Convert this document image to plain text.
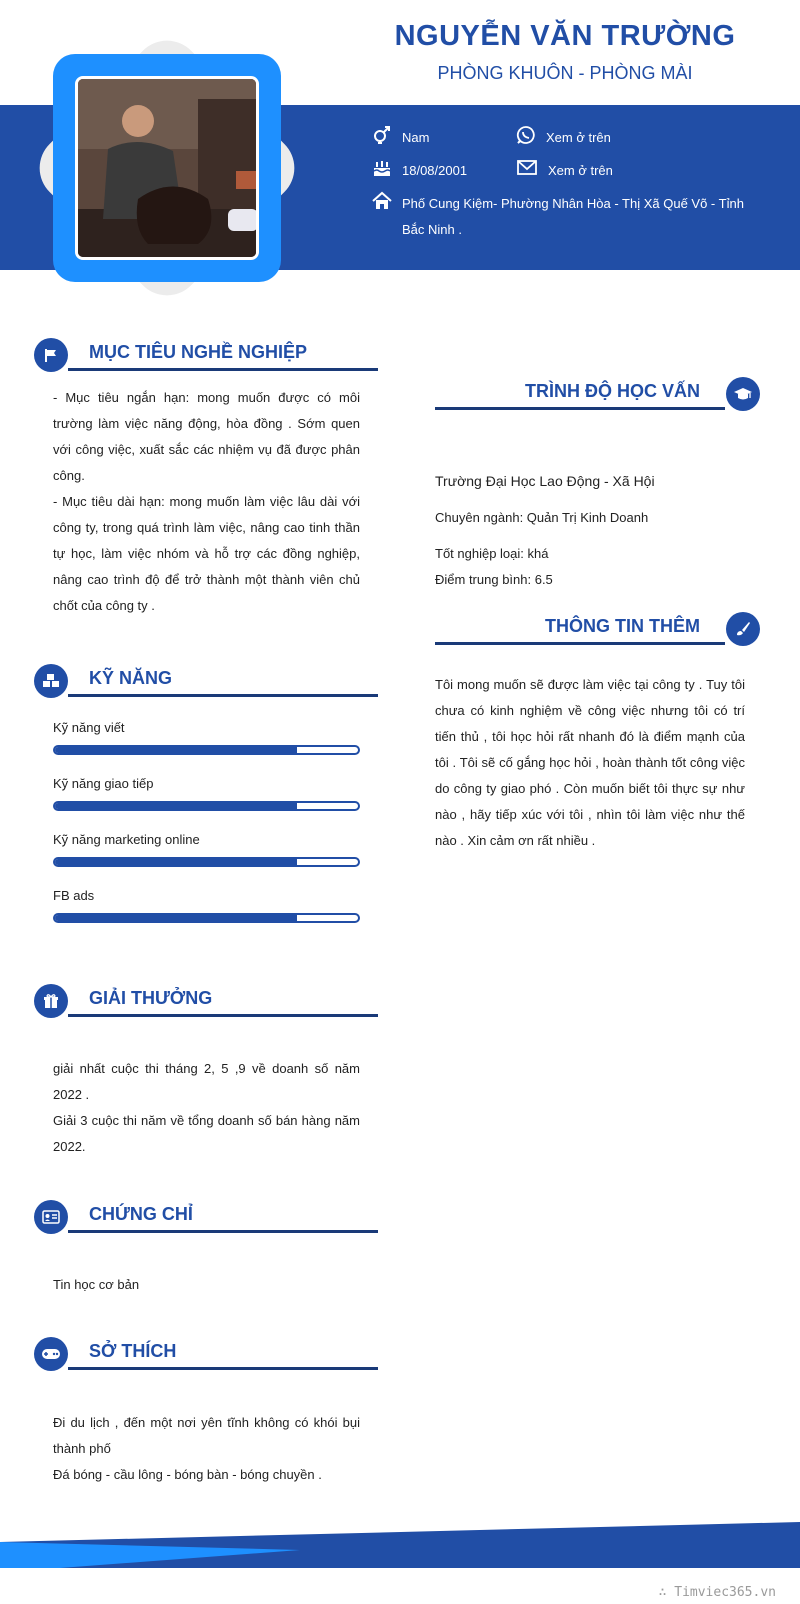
NGUYỄN VĂN TRƯỜNG
PHÒNG KHUÔN - PHÒNG MÀI
Nam	Xem ở trên
18/08/2001	Xem ở trên
Phố Cung Kiệm- Phường Nhân Hòa - Thị Xã Quế Võ - Tỉnh
Bắc Ninh .
MỤC TIÊU NGHỀ NGHIỆP

- Mục tiêu ngắn hạn: mong muốn được có môi trường làm việc năng động, hòa đồng . Sớm quen với công việc, xuất sắc các nhiệm vụ đã được phân công.

- Mục tiêu dài hạn: mong muốn làm việc lâu dài với công ty, trong quá trình làm việc, nâng cao tinh thần tự học, làm việc nhóm và hỗ trợ các đồng nghiệp, nâng cao trình độ để trở thành một thành viên chủ chốt của công ty .

KỸ NĂNG
Kỹ năng viết
Kỹ năng giao tiếp
Kỹ năng marketing online
FB ads
GIẢI THƯỞNG

giải nhất cuộc thi tháng 2, 5 ,9 về doanh số năm 2022 .

Giải 3 cuộc thi năm về tổng doanh số bán hàng năm 2022.

CHỨNG CHỈ

Tin học cơ bản

SỞ THÍCH

Đi du lịch , đến một nơi yên tĩnh không có khói bụi thành phố

Đá bóng - cầu lông - bóng bàn - bóng chuyền .

TRÌNH ĐỘ HỌC VẤN
Trường Đại Học Lao Động - Xã Hội
Chuyên ngành: Quản Trị Kinh Doanh
Tốt nghiệp loại: khá
Điểm trung bình: 6.5
THÔNG TIN THÊM
Tôi mong muốn sẽ được làm việc tại công ty . Tuy tôi chưa có kinh nghiệm về công việc nhưng tôi có trí tiến thủ , tôi học hỏi rất nhanh đó là điểm mạnh của tôi . Tôi sẽ cố gắng học hỏi , hoàn thành tốt công việc do công ty giao phó . Còn muốn biết tôi thực sự như nào , hãy tiếp xúc với tôi , nhìn tôi làm việc như thế nào . Xin cảm ơn rất nhiều .
∴ Timviec365.vn
